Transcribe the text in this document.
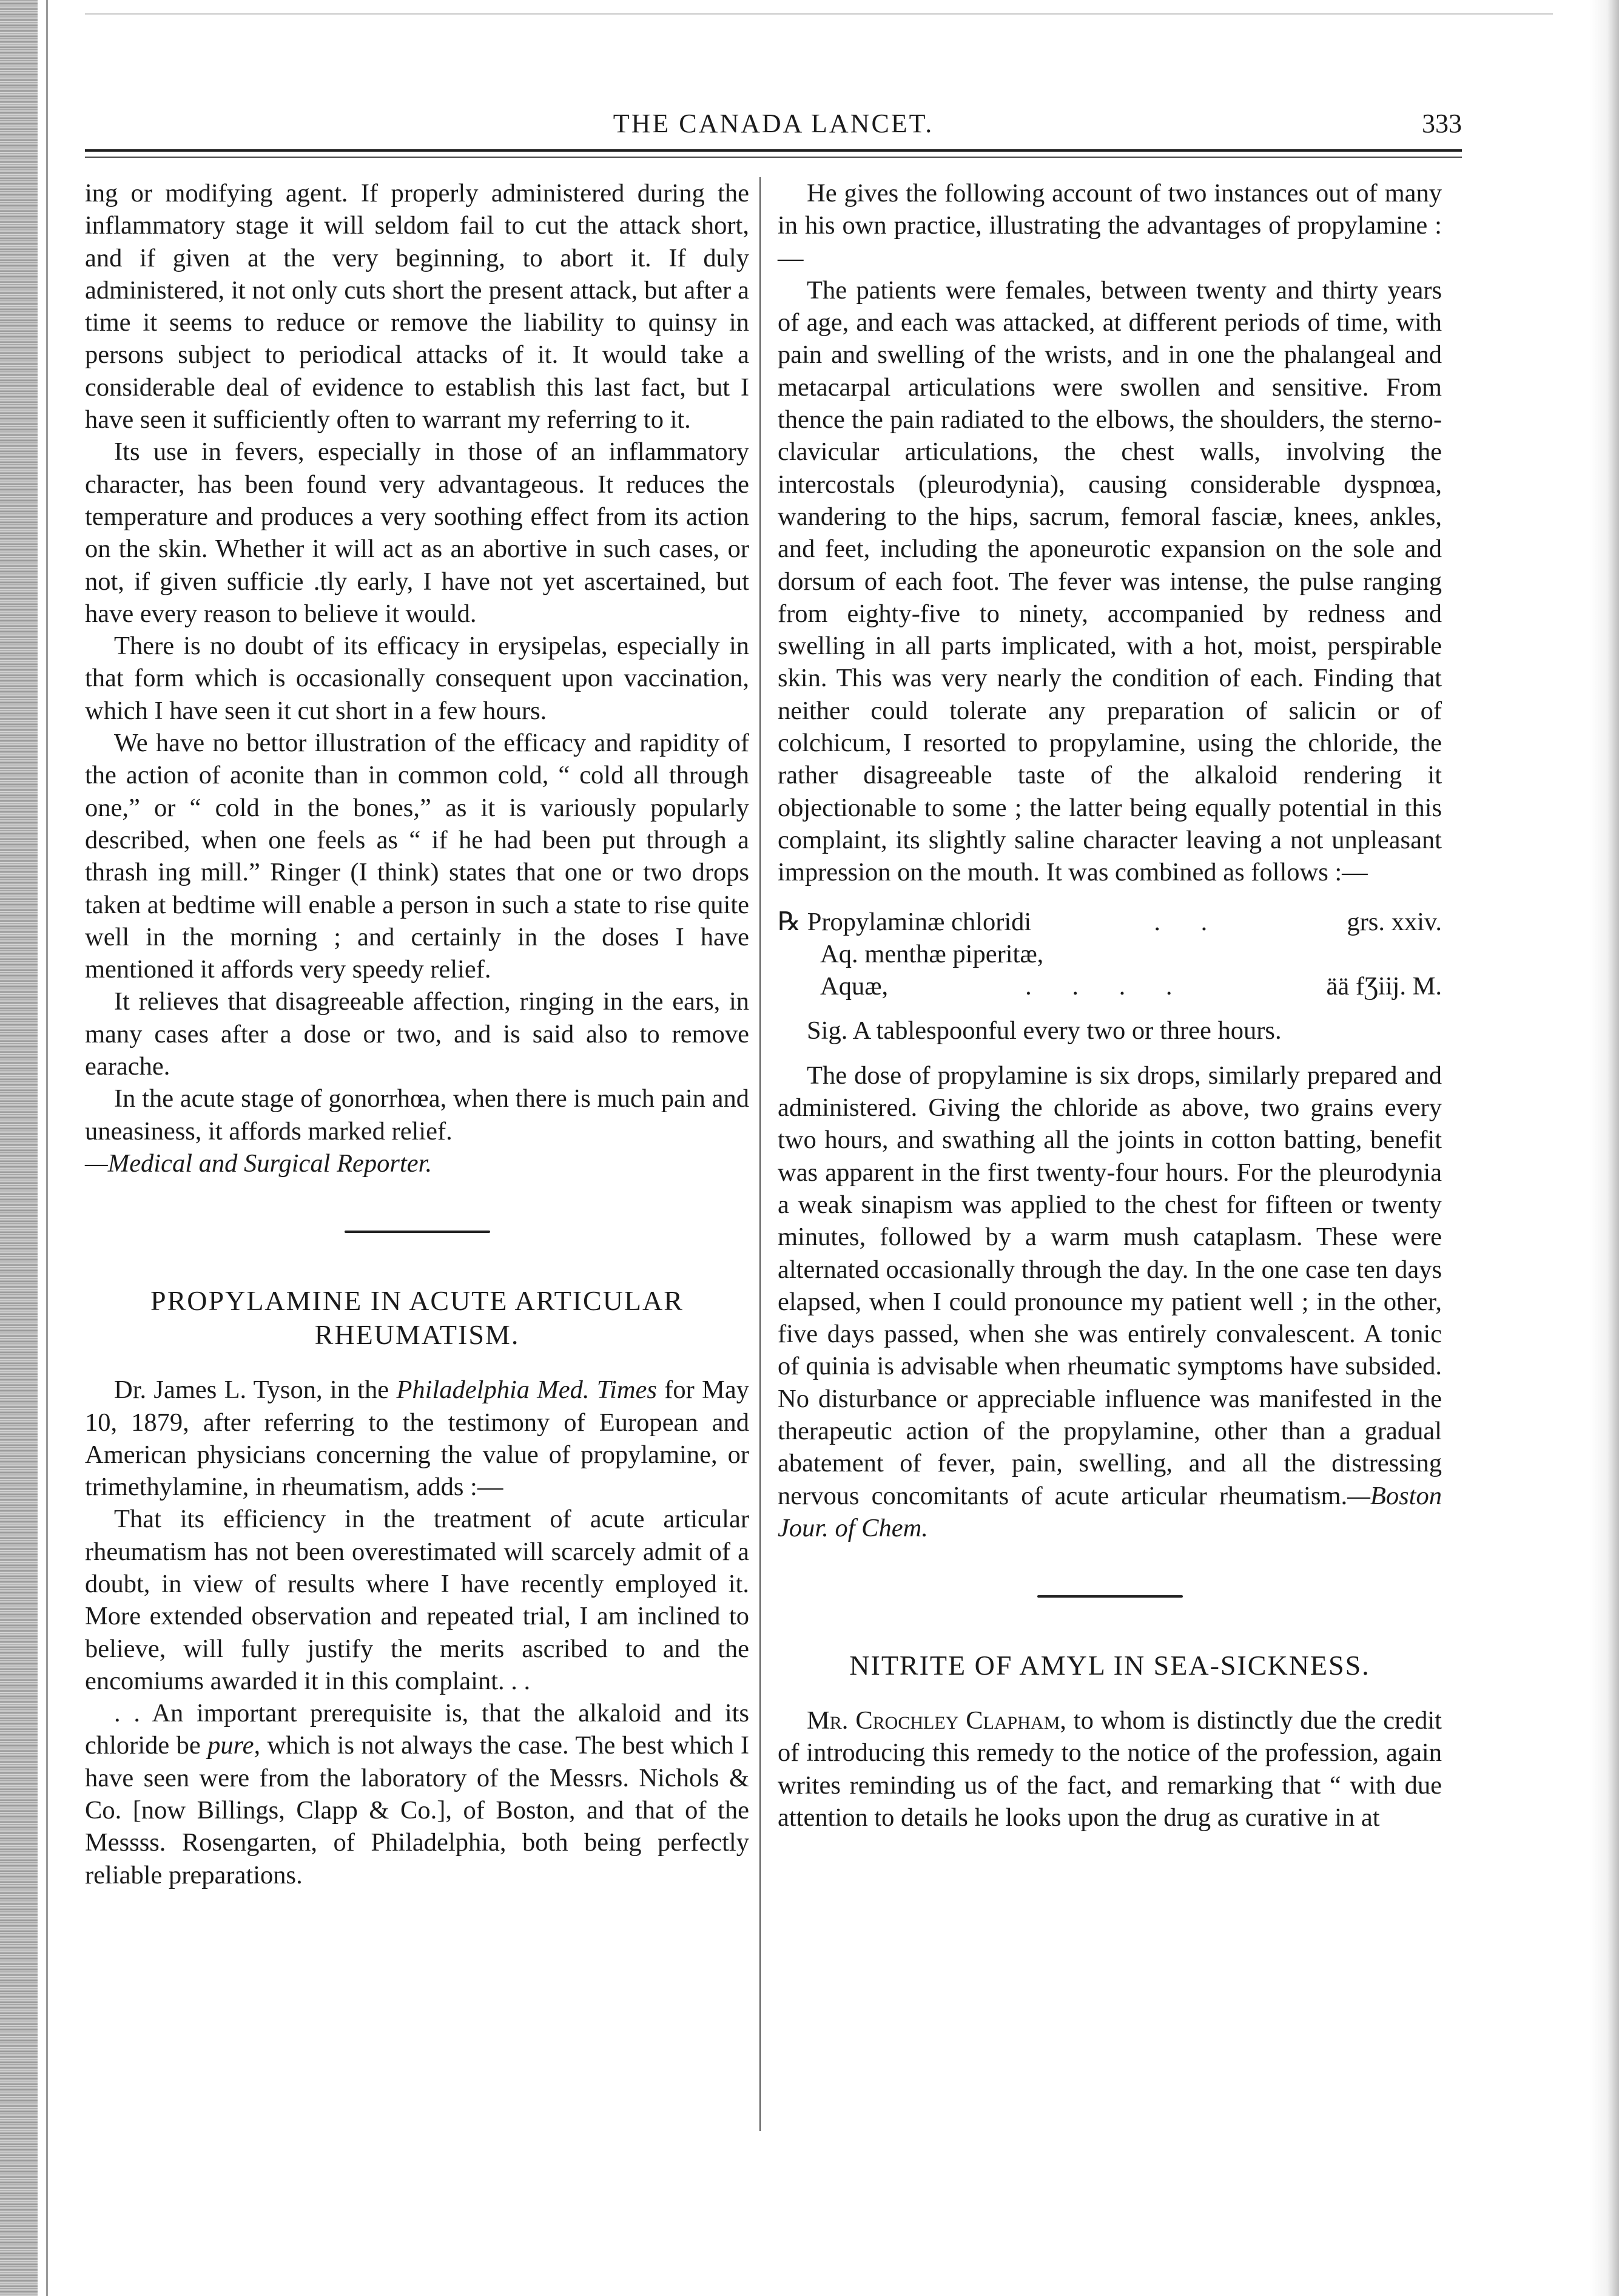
THE CANADA LANCET.	333

ing or modifying agent. If properly administered during the inflammatory stage it will seldom fail to cut the attack short, and if given at the very beginning, to abort it. If duly administered, it not only cuts short the present attack, but after a time it seems to reduce or remove the liability to quinsy in persons subject to periodical attacks of it. It would take a considerable deal of evidence to establish this last fact, but I have seen it sufficiently often to warrant my referring to it.

Its use in fevers, especially in those of an inflammatory character, has been found very advantageous. It reduces the temperature and produces a very soothing effect from its action on the skin. Whether it will act as an abortive in such cases, or not, if given sufficie .tly early, I have not yet ascertained, but have every reason to believe it would.

There is no doubt of its efficacy in erysipelas, especially in that form which is occasionally consequent upon vaccination, which I have seen it cut short in a few hours.

We have no bettor illustration of the efficacy and rapidity of the action of aconite than in common cold, “ cold all through one,” or “ cold in the bones,” as it is variously popularly described, when one feels as “ if he had been put through a thrash ing mill.” Ringer (I think) states that one or two drops taken at bedtime will enable a person in such a state to rise quite well in the morning ; and certainly in the doses I have mentioned it affords very speedy relief.

It relieves that disagreeable affection, ringing in the ears, in many cases after a dose or two, and is said also to remove earache.

In the acute stage of gonorrhœa, when there is much pain and uneasiness, it affords marked relief.

—Medical and Surgical Reporter.

PROPYLAMINE IN ACUTE ARTICULAR RHEUMATISM.

Dr. James L. Tyson, in the Philadelphia Med. Times for May 10, 1879, after referring to the testimony of European and American physicians concerning the value of propylamine, or trimethylamine, in rheumatism, adds :—

That its efficiency in the treatment of acute articular rheumatism has not been overestimated will scarcely admit of a doubt, in view of results where I have recently employed it. More extended observation and repeated trial, I am inclined to believe, will fully justify the merits ascribed to and the encomiums awarded it in this complaint. . .

. . An important prerequisite is, that the alkaloid and its chloride be pure, which is not always the case. The best which I have seen were from the laboratory of the Messrs. Nichols & Co. [now Billings, Clapp & Co.], of Boston, and that of the Messss. Rosengarten, of Philadelphia, both being perfectly reliable preparations.

He gives the following account of two instances out of many in his own practice, illustrating the advantages of propylamine :—

The patients were females, between twenty and thirty years of age, and each was attacked, at different periods of time, with pain and swelling of the wrists, and in one the phalangeal and metacarpal articulations were swollen and sensitive. From thence the pain radiated to the elbows, the shoulders, the sterno-clavicular articulations, the chest walls, involving the intercostals (pleurodynia), causing considerable dyspnœa, wandering to the hips, sacrum, femoral fasciæ, knees, ankles, and feet, including the aponeurotic expansion on the sole and dorsum of each foot. The fever was intense, the pulse ranging from eighty-five to ninety, accompanied by redness and swelling in all parts implicated, with a hot, moist, perspirable skin. This was very nearly the condition of each. Finding that neither could tolerate any preparation of salicin or of colchicum, I resorted to propylamine, using the chloride, the rather disagreeable taste of the alkaloid rendering it objectionable to some ; the latter being equally potential in this complaint, its slightly saline character leaving a not unpleasant impression on the mouth. It was combined as follows :—

℞ Propylaminæ chloridi	. .	grs. xxiv.
Aq. menthæ piperitæ,
Aquæ,	. . . .	ää fƷiij. M.

Sig. A tablespoonful every two or three hours.

The dose of propylamine is six drops, similarly prepared and administered. Giving the chloride as above, two grains every two hours, and swathing all the joints in cotton batting, benefit was apparent in the first twenty-four hours. For the pleurodynia a weak sinapism was applied to the chest for fifteen or twenty minutes, followed by a warm mush cataplasm. These were alternated occasionally through the day. In the one case ten days elapsed, when I could pronounce my patient well ; in the other, five days passed, when she was entirely convalescent. A tonic of quinia is advisable when rheumatic symptoms have subsided. No disturbance or appreciable influence was manifested in the therapeutic action of the propylamine, other than a gradual abatement of fever, pain, swelling, and all the distressing nervous concomitants of acute articular rheumatism.—Boston Jour. of Chem.

NITRITE OF AMYL IN SEA-SICKNESS.

Mr. Crochley Clapham, to whom is distinctly due the credit of introducing this remedy to the notice of the profession, again writes reminding us of the fact, and remarking that “ with due attention to details he looks upon the drug as curative in at
